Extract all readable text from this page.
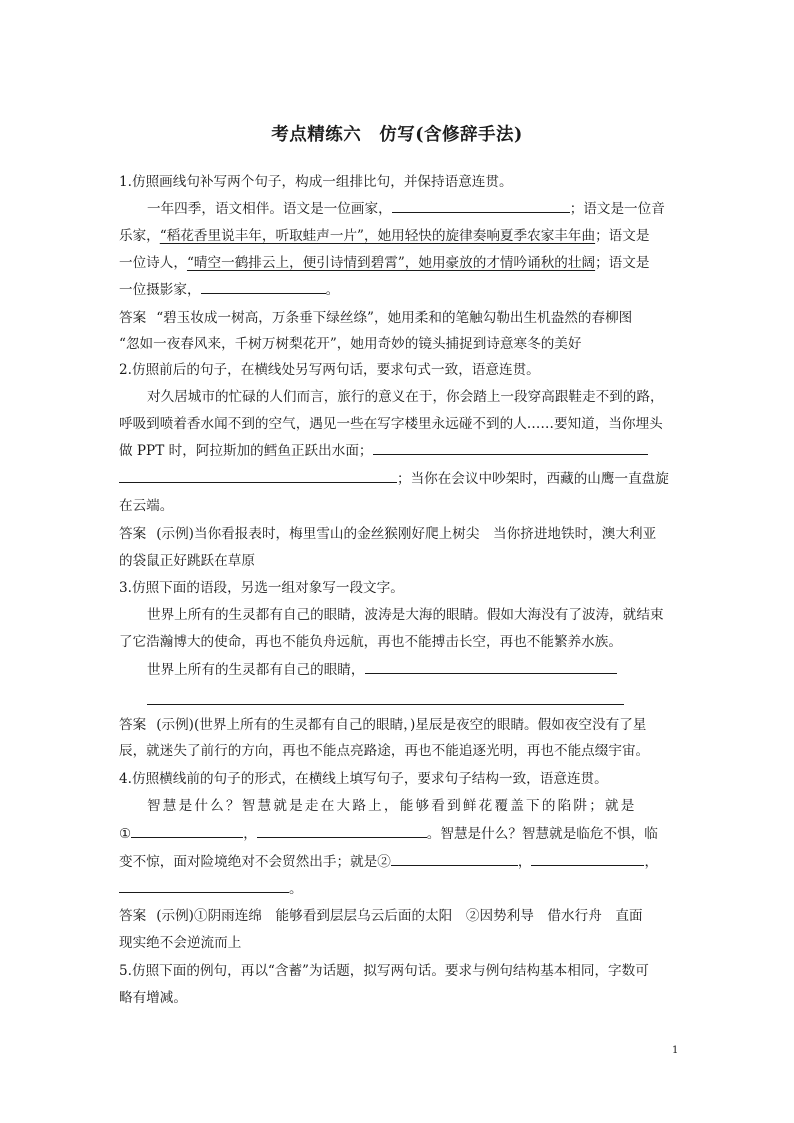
考点精练六　仿写(含修辞手法)
1.仿照画线句补写两个句子，构成一组排比句，并保持语意连贯。
一年四季，语文相伴。语文是一位画家，	；语文是一位音
乐家，“稻花香里说丰年，听取蛙声一片”，她用轻快的旋律奏响夏季农家丰年曲；语文是
一位诗人，“晴空一鹤排云上，便引诗情到碧霄”，她用豪放的才情吟诵秋的壮阔；语文是
一位摄影家，	。
答案 “碧玉妆成一树高，万条垂下绿丝绦”，她用柔和的笔触勾勒出生机盎然的春柳图
“忽如一夜春风来，千树万树梨花开”，她用奇妙的镜头捕捉到诗意寒冬的美好
2.仿照前后的句子，在横线处另写两句话，要求句式一致，语意连贯。
对久居城市的忙碌的人们而言，旅行的意义在于，你会踏上一段穿高跟鞋走不到的路，
呼吸到喷着香水闻不到的空气，遇见一些在写字楼里永远碰不到的人……要知道，当你埋头
做 PPT 时，阿拉斯加的鳕鱼正跃出水面；
；当你在会议中吵架时，西藏的山鹰一直盘旋
在云端。
答案 (示例)当你看报表时，梅里雪山的金丝猴刚好爬上树尖　当你挤进地铁时，澳大利亚
的袋鼠正好跳跃在草原
3.仿照下面的语段，另选一组对象写一段文字。
世界上所有的生灵都有自己的眼睛，波涛是大海的眼睛。假如大海没有了波涛，就结束
了它浩瀚博大的使命，再也不能负舟远航，再也不能搏击长空，再也不能繁养水族。
世界上所有的生灵都有自己的眼睛，
答案 (示例)(世界上所有的生灵都有自己的眼睛，)星辰是夜空的眼睛。假如夜空没有了星
辰，就迷失了前行的方向，再也不能点亮路途，再也不能追逐光明，再也不能点缀宇宙。
4.仿照横线前的句子的形式，在横线上填写句子，要求句子结构一致，语意连贯。
智慧是什么？智慧就是走在大路上，能够看到鲜花覆盖下的陷阱；就是
①	，	。智慧是什么？智慧就是临危不惧，临
变不惊，面对险境绝对不会贸然出手；就是②	，	，
。
答案 (示例)①阴雨连绵　能够看到层层乌云后面的太阳　②因势利导　借水行舟　直面
现实绝不会逆流而上
5.仿照下面的例句，再以“含蓄”为话题，拟写两句话。要求与例句结构基本相同，字数可
略有增减。
1
